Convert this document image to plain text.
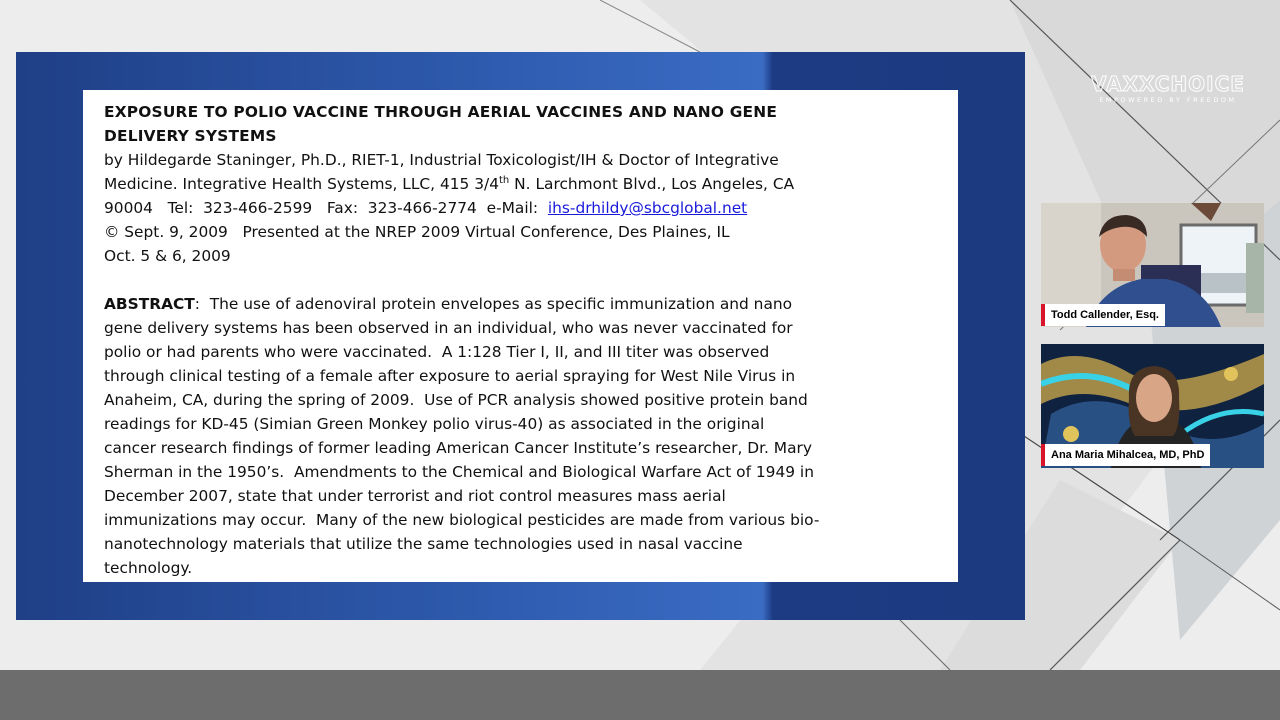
EXPOSURE TO POLIO VACCINE THROUGH AERIAL VACCINES AND NANO GENE

DELIVERY SYSTEMS

by Hildegarde Staninger, Ph.D., RIET-1, Industrial Toxicologist/IH & Doctor of Integrative

Medicine. Integrative Health Systems, LLC, 415 3/4th N. Larchmont Blvd., Los Angeles, CA

90004   Tel:  323-466-2599   Fax:  323-466-2774  e-Mail:  ihs-drhildy@sbcglobal.net

© Sept. 9, 2009   Presented at the NREP 2009 Virtual Conference, Des Plaines, IL

Oct. 5 & 6, 2009

ABSTRACT:  The use of adenoviral protein envelopes as specific immunization and nano

gene delivery systems has been observed in an individual, who was never vaccinated for

polio or had parents who were vaccinated.  A 1:128 Tier I, II, and III titer was observed

through clinical testing of a female after exposure to aerial spraying for West Nile Virus in

Anaheim, CA, during the spring of 2009.  Use of PCR analysis showed positive protein band

readings for KD-45 (Simian Green Monkey polio virus-40) as associated in the original

cancer research findings of former leading American Cancer Institute’s researcher, Dr. Mary

Sherman in the 1950’s.  Amendments to the Chemical and Biological Warfare Act of 1949 in

December 2007, state that under terrorist and riot control measures mass aerial

immunizations may occur.  Many of the new biological pesticides are made from various bio-

nanotechnology materials that utilize the same technologies used in nasal vaccine

technology.

VAXXCHOICE
EMPOWERED BY FREEDOM
Todd Callender, Esq.
Ana Maria Mihalcea, MD, PhD
